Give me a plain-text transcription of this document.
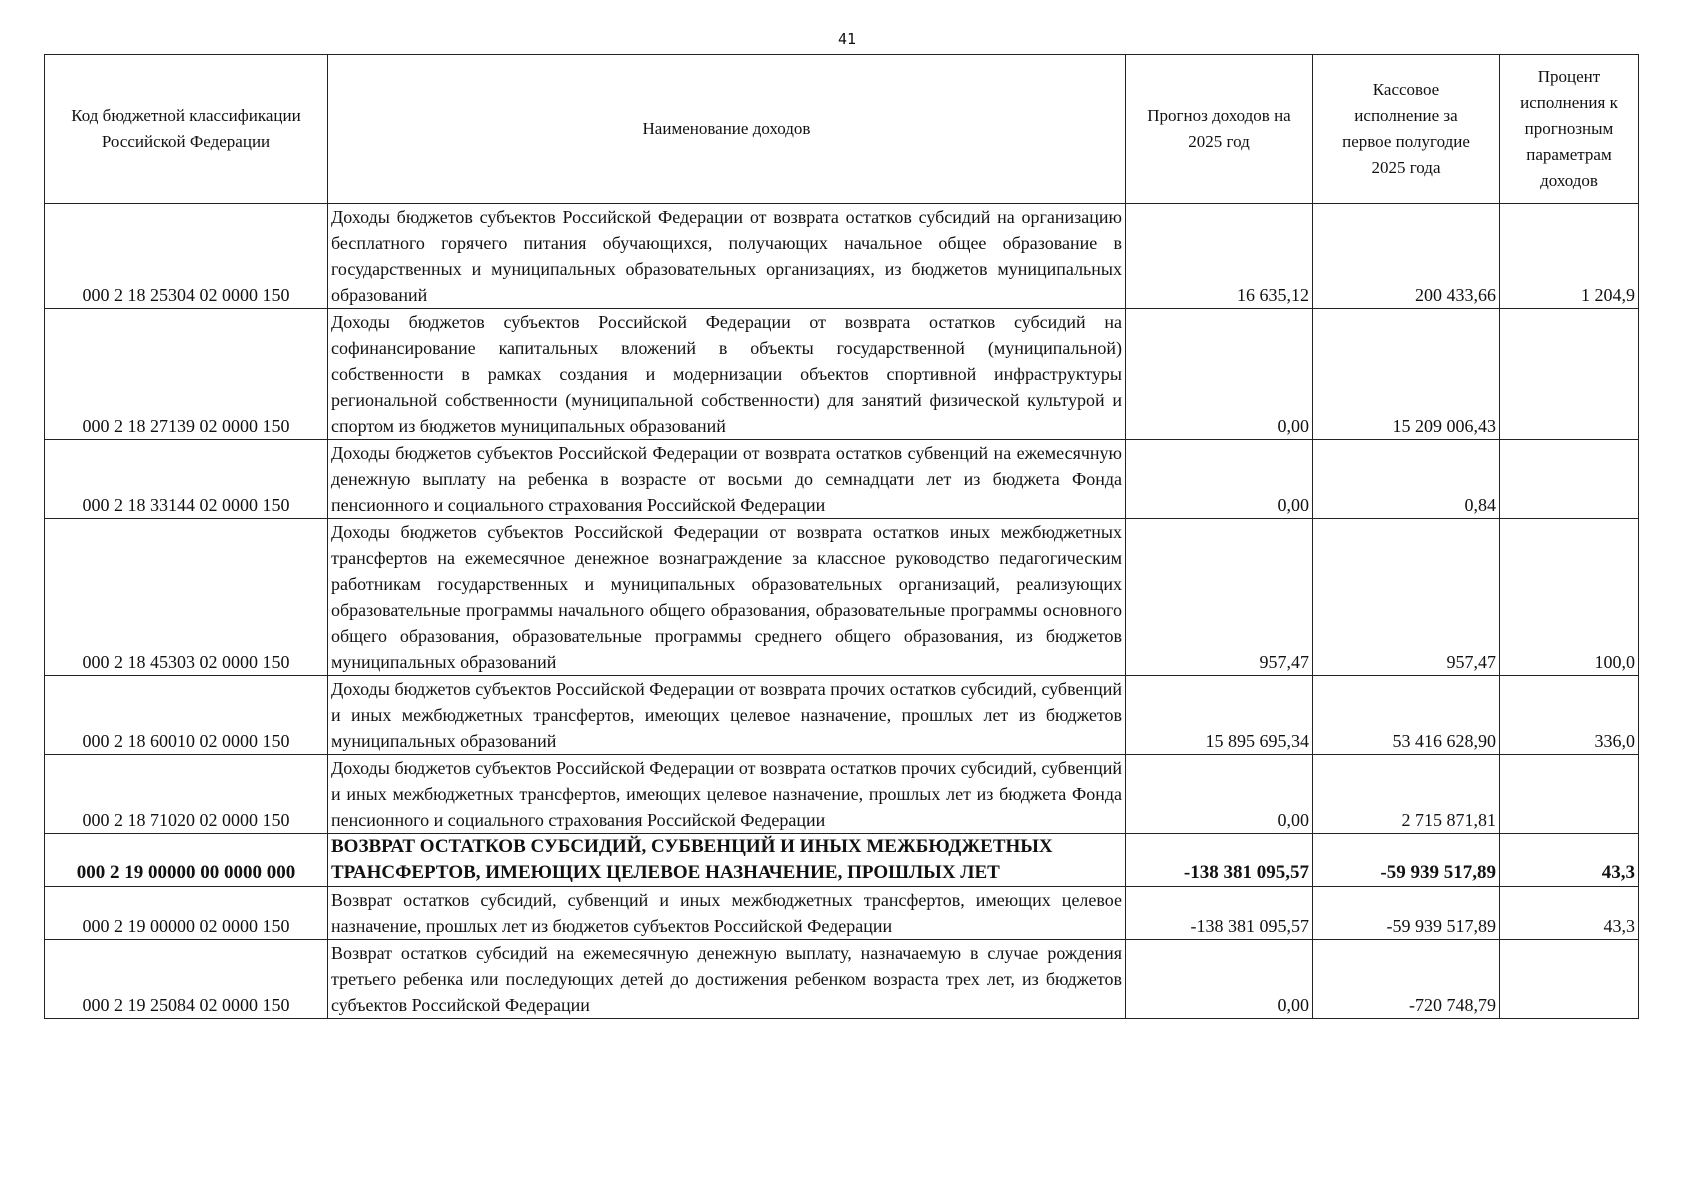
41
Код бюджетной классификации Российской Федерации	Наименование доходов	Прогноз доходов на 2025 год	Кассовое исполнение за первое полугодие 2025 года	Процент исполнения к прогнозным параметрам доходов
000 2 18 25304 02 0000 150	Доходы бюджетов субъектов Российской Федерации от возврата остатков субсидий на организацию бесплатного горячего питания обучающихся, получающих начальное общее образование в государственных и муниципальных образовательных организациях, из бюджетов муниципальных образований	16 635,12	200 433,66	1 204,9
000 2 18 27139 02 0000 150	Доходы бюджетов субъектов Российской Федерации от возврата остатков субсидий на софинансирование капитальных вложений в объекты государственной (муниципальной) собственности в рамках создания и модернизации объектов спортивной инфраструктуры региональной собственности (муниципальной собственности) для занятий физической культурой и спортом из бюджетов муниципальных образований	0,00	15 209 006,43	
000 2 18 33144 02 0000 150	Доходы бюджетов субъектов Российской Федерации от возврата остатков субвенций на ежемесячную денежную выплату на ребенка в возрасте от восьми до семнадцати лет из бюджета Фонда пенсионного и социального страхования Российской Федерации	0,00	0,84	
000 2 18 45303 02 0000 150	Доходы бюджетов субъектов Российской Федерации от возврата остатков иных межбюджетных трансфертов на ежемесячное денежное вознаграждение за классное руководство педагогическим работникам государственных и муниципальных образовательных организаций, реализующих образовательные программы начального общего образования, образовательные программы основного общего образования, образовательные программы среднего общего образования, из бюджетов муниципальных образований	957,47	957,47	100,0
000 2 18 60010 02 0000 150	Доходы бюджетов субъектов Российской Федерации от возврата прочих остатков субсидий, субвенций и иных межбюджетных трансфертов, имеющих целевое назначение, прошлых лет из бюджетов муниципальных образований	15 895 695,34	53 416 628,90	336,0
000 2 18 71020 02 0000 150	Доходы бюджетов субъектов Российской Федерации от возврата остатков прочих субсидий, субвенций и иных межбюджетных трансфертов, имеющих целевое назначение, прошлых лет из бюджета Фонда пенсионного и социального страхования Российской Федерации	0,00	2 715 871,81	
000 2 19 00000 00 0000 000	ВОЗВРАТ ОСТАТКОВ СУБСИДИЙ, СУБВЕНЦИЙ И ИНЫХ МЕЖБЮДЖЕТНЫХ ТРАНСФЕРТОВ, ИМЕЮЩИХ ЦЕЛЕВОЕ НАЗНАЧЕНИЕ, ПРОШЛЫХ ЛЕТ	-138 381 095,57	-59 939 517,89	43,3
000 2 19 00000 02 0000 150	Возврат остатков субсидий, субвенций и иных межбюджетных трансфертов, имеющих целевое назначение, прошлых лет из бюджетов субъектов Российской Федерации	-138 381 095,57	-59 939 517,89	43,3
000 2 19 25084 02 0000 150	Возврат остатков субсидий на ежемесячную денежную выплату, назначаемую в случае рождения третьего ребенка или последующих детей до достижения ребенком возраста трех лет, из бюджетов субъектов Российской Федерации	0,00	-720 748,79	
